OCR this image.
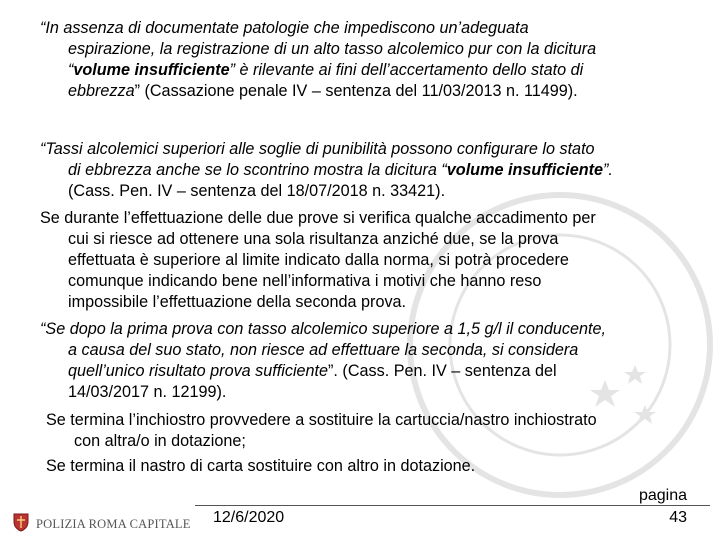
“In assenza di documentate patologie che impediscono un’adeguata
espirazione, la registrazione di un alto tasso alcolemico pur con la dicitura
“volume insufficiente” è rilevante ai fini dell’accertamento dello stato di
ebbrezza” (Cassazione penale IV – sentenza del 11/03/2013 n. 11499).
“Tassi alcolemici superiori alle soglie di punibilità possono configurare lo stato
di ebbrezza anche se lo scontrino mostra la dicitura “volume insufficiente”.
(Cass. Pen. IV – sentenza del 18/07/2018 n. 33421).
Se durante l’effettuazione delle due prove si verifica qualche accadimento per
cui si riesce ad ottenere una sola risultanza anziché due, se la prova
effettuata è superiore al limite indicato dalla norma, si potrà procedere
comunque indicando bene nell’informativa i motivi che hanno reso
impossibile l’effettuazione della seconda prova.
“Se dopo la prima prova con tasso alcolemico superiore a 1,5 g/l il conducente,
a causa del suo stato, non riesce ad effettuare la seconda, si considera
quell’unico risultato prova sufficiente”. (Cass. Pen. IV – sentenza del
14/03/2017 n. 12199).
Se termina l’inchiostro provvedere a sostituire la cartuccia/nastro inchiostrato
con altra/o in dotazione;
Se termina il nastro di carta sostituire con altro in dotazione.
POLIZIA ROMA CAPITALE 12/6/2020
pagina
43
